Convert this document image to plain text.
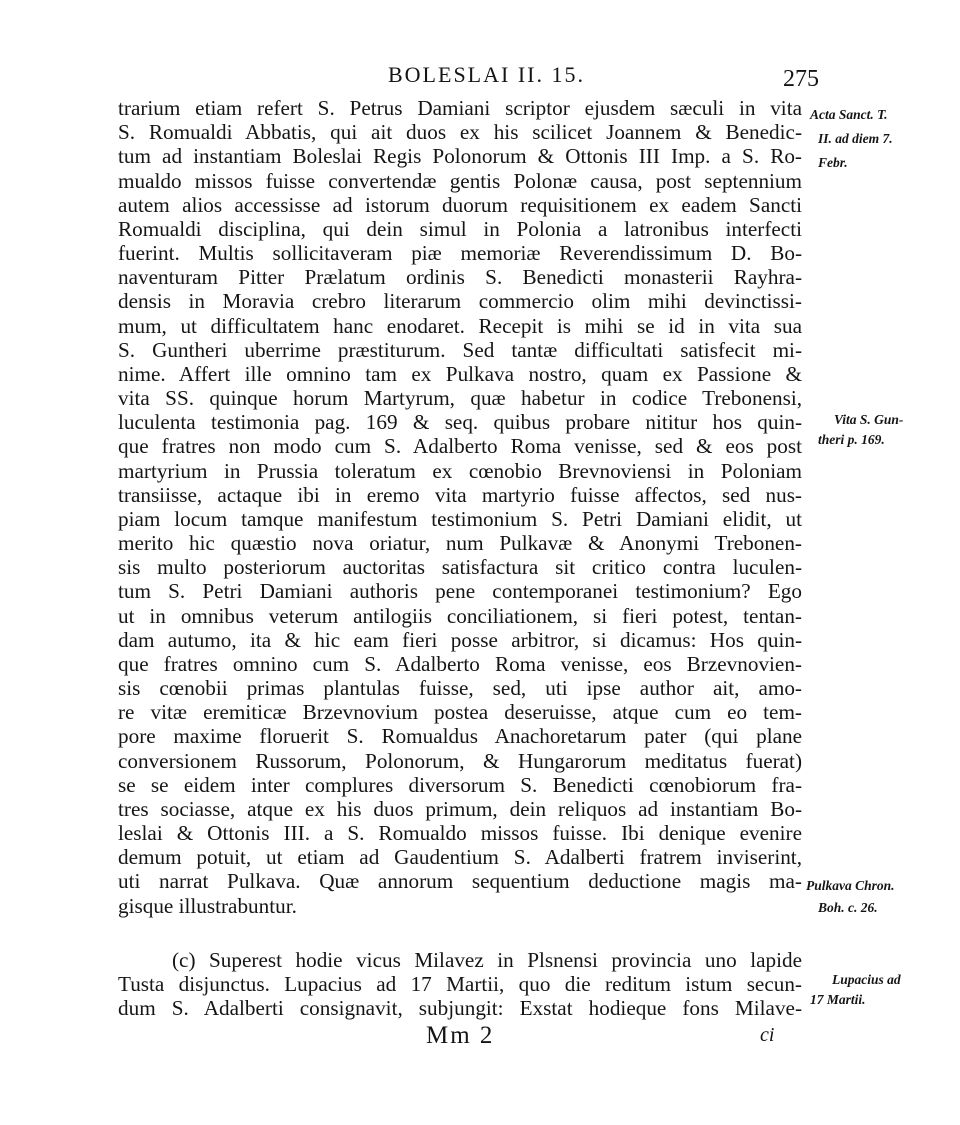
BOLESLAI II. 15.	275
trarium etiam refert S. Petrus Damiani scriptor ejusdem sæculi in vita
S. Romualdi Abbatis, qui ait duos ex his scilicet Joannem & Benedic-
tum ad instantiam Boleslai Regis Polonorum & Ottonis III Imp. a S. Ro-
mualdo missos fuisse convertendæ gentis Polonæ causa, post septennium
autem alios accessisse ad istorum duorum requisitionem ex eadem Sancti
Romualdi disciplina, qui dein simul in Polonia a latronibus interfecti
fuerint. Multis sollicitaveram piæ memoriæ Reverendissimum D. Bo-
naventuram Pitter Prælatum ordinis S. Benedicti monasterii Rayhra-
densis in Moravia crebro literarum commercio olim mihi devinctissi-
mum, ut difficultatem hanc enodaret. Recepit is mihi se id in vita sua
S. Guntheri uberrime præstiturum. Sed tantæ difficultati satisfecit mi-
nime. Affert ille omnino tam ex Pulkava nostro, quam ex Passione &
vita SS. quinque horum Martyrum, quæ habetur in codice Trebonensi,
luculenta testimonia pag. 169 & seq. quibus probare nititur hos quin-
que fratres non modo cum S. Adalberto Roma venisse, sed & eos post
martyrium in Prussia toleratum ex cœnobio Brevnoviensi in Poloniam
transiisse, actaque ibi in eremo vita martyrio fuisse affectos, sed nus-
piam locum tamque manifestum testimonium S. Petri Damiani elidit, ut
merito hic quæstio nova oriatur, num Pulkavæ & Anonymi Trebonen-
sis multo posteriorum auctoritas satisfactura sit critico contra luculen-
tum S. Petri Damiani authoris pene contemporanei testimonium? Ego
ut in omnibus veterum antilogiis conciliationem, si fieri potest, tentan-
dam autumo, ita & hic eam fieri posse arbitror, si dicamus: Hos quin-
que fratres omnino cum S. Adalberto Roma venisse, eos Brzevnovien-
sis cœnobii primas plantulas fuisse, sed, uti ipse author ait, amo-
re vitæ eremiticæ Brzevnovium postea deseruisse, atque cum eo tem-
pore maxime floruerit S. Romualdus Anachoretarum pater (qui plane
conversionem Russorum, Polonorum, & Hungarorum meditatus fuerat)
se se eidem inter complures diversorum S. Benedicti cœnobiorum fra-
tres sociasse, atque ex his duos primum, dein reliquos ad instantiam Bo-
leslai & Ottonis III. a S. Romualdo missos fuisse. Ibi denique evenire
demum potuit, ut etiam ad Gaudentium S. Adalberti fratrem inviserint,
uti narrat Pulkava. Quæ annorum sequentium deductione magis ma-
gisque illustrabuntur.
(c) Superest hodie vicus Milavez in Plsnensi provincia uno lapide
Tusta disjunctus. Lupacius ad 17 Martii, quo die reditum istum secun-
dum S. Adalberti consignavit, subjungit: Exstat hodieque fons Milave-
Acta Sanct. T.
II. ad diem 7.
Febr.
Vita S. Gun-
theri p. 169.
Pulkava Chron.
Boh. c. 26.
Lupacius ad
17 Martii.
Mm 2	ci
